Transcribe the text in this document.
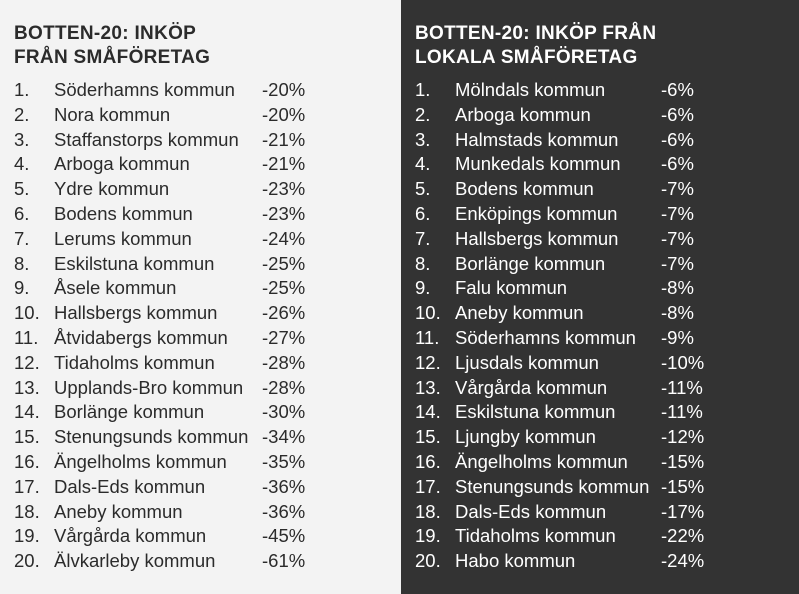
BOTTEN-20: INKÖP
FRÅN SMÅFÖRETAG
1.	Söderhamns kommun	-20%
2.	Nora kommun	-20%
3.	Staffanstorps kommun	-21%
4.	Arboga kommun	-21%
5.	Ydre kommun	-23%
6.	Bodens kommun	-23%
7.	Lerums kommun	-24%
8.	Eskilstuna kommun	-25%
9.	Åsele kommun	-25%
10. Hallsbergs kommun	-26%
11. Åtvidabergs kommun	-27%
12. Tidaholms kommun	-28%
13. Upplands-Bro kommun	-28%
14. Borlänge kommun	-30%
15. Stenungsunds kommun -34%
16. Ängelholms kommun	-35%
17. Dals-Eds kommun	-36%
18. Aneby kommun	-36%
19. Vårgårda kommun	-45%
20. Älvkarleby kommun	-61%
BOTTEN-20: INKÖP FRÅN
LOKALA SMÅFÖRETAG
1.	Mölndals kommun	-6%
2.	Arboga kommun	-6%
3.	Halmstads kommun	-6%
4.	Munkedals kommun	-6%
5.	Bodens kommun	-7%
6.	Enköpings kommun	-7%
7.	Hallsbergs kommun	-7%
8.	Borlänge kommun	-7%
9.	Falu kommun	-8%
10. Aneby kommun	-8%
11. Söderhamns kommun	-9%
12. Ljusdals kommun	-10%
13. Vårgårda kommun	-11%
14. Eskilstuna kommun	-11%
15. Ljungby kommun	-12%
16. Ängelholms kommun	-15%
17. Stenungsunds kommun -15%
18. Dals-Eds kommun	-17%
19. Tidaholms kommun	-22%
20. Habo kommun	-24%
